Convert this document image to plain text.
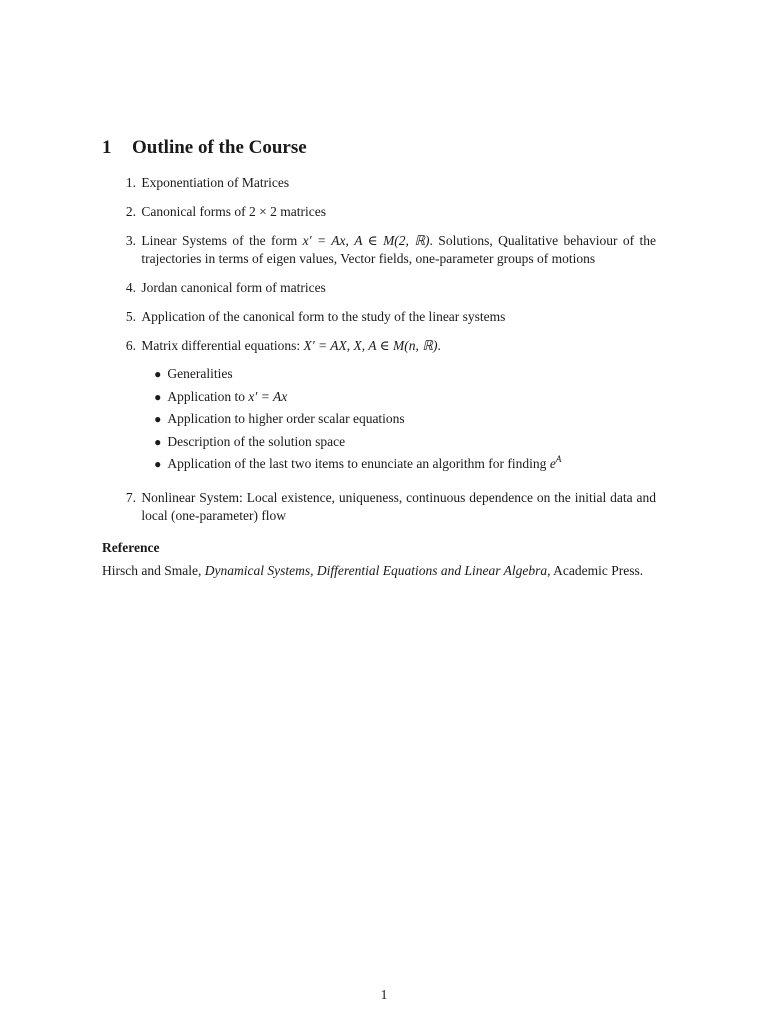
1	Outline of the Course
1. Exponentiation of Matrices
2. Canonical forms of 2 × 2 matrices
3. Linear Systems of the form x′ = Ax, A ∈ M(2, ℝ). Solutions, Qualitative behaviour of the trajectories in terms of eigen values, Vector fields, one-parameter groups of motions
4. Jordan canonical form of matrices
5. Application of the canonical form to the study of the linear systems
6. Matrix differential equations: X′ = AX, X, A ∈ M(n, ℝ).
● Generalities
● Application to x′ = Ax
● Application to higher order scalar equations
● Description of the solution space
● Application of the last two items to enunciate an algorithm for finding $e^A$
7. Nonlinear System: Local existence, uniqueness, continuous dependence on the initial data and local (one-parameter) flow
Reference
Hirsch and Smale, Dynamical Systems, Differential Equations and Linear Algebra, Academic Press.
1
